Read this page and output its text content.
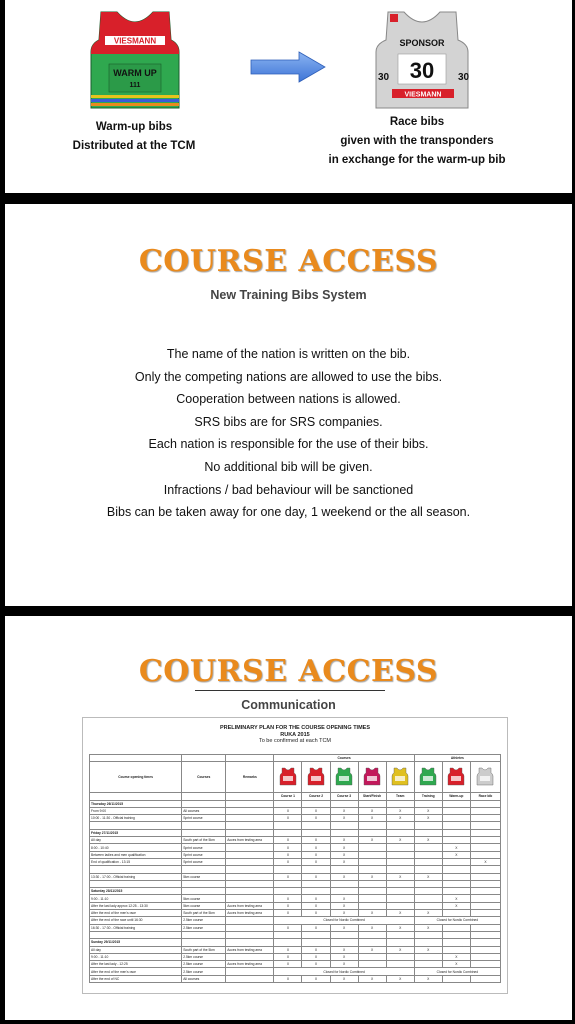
VIESMANN
WARM UP
111
SPONSOR
30
30	30
VIESMANN
Warm-up bibs
Distributed at the TCM
Race bibs
given with the transponders
in exchange for the warm-up bib
COURSE ACCESS
New Training Bibs System
The name of the nation is written on the bib.
Only the competing nations are allowed to use the bibs.
Cooperation between nations is allowed.
SRS bibs are for SRS companies.
Each nation is responsible for the use of their bibs.
No additional bib will be given.
Infractions / bad behaviour will be sanctioned
Bibs can be taken away for one day, 1 weekend or the all season.
COURSE ACCESS
Communication
PRELIMINARY PLAN FOR THE COURSE OPENING TIMES
RUKA 2015
To be confirmed at each TCM
			Courses					Athletes		
Course opening times	Courses	Remarks								
			Course 1	Course 2	Course 3	Start/Finish	Team	Training	Warm-up	Race bib
Thursday 26/11/2015										
From 9:00	All courses		X	X	X	X	X	X		
10:00 - 11:30 - Official training	Sprint course		X	X	X	X	X	X		

Friday 27/11/2015										
All day	South part of the 5km	Acces from testing area	X	X	X	X	X	X		
8:00 - 10:40	Sprint course		X	X	X				X	
Between ladies and men qualification	Sprint course		X	X	X				X	
End of qualification - 13:15	Sprint course		X	X	X					X

13:30 - 17:00 - Official training	5km course		X	X	X	X	X	X		

Saturday 28/11/2015										
9:00 - 11:10	5km course		X	X	X				X	
After the last lady approx 12:25 - 13:30	5km course	Acces from testing area	X	X	X				X	
After the end of the men's race	South part of the 5km	Acces from testing area	X	X	X	X	X	X		
After the end of the race until 16:30	2.5km course		Closed for Nordic Combined					Closed for Nordic Combined		
16:30 - 17:30 - Official training	2.5km course		X	X	X	X	X	X		

Sunday 29/11/2015										
All day	South part of the 5km	Acces from testing area	X	X	X	X	X	X		
9:00 - 11:10	2.5km course		X	X	X				X	
After the last lady - 12:25	2.5km course	Acces from testing area	X	X	X				X	
After the end of the men's race	2.5km course		Closed for Nordic Combined					Closed for Nordic Combined		
After the end of NC	All courses		X	X	X	X	X	X		
